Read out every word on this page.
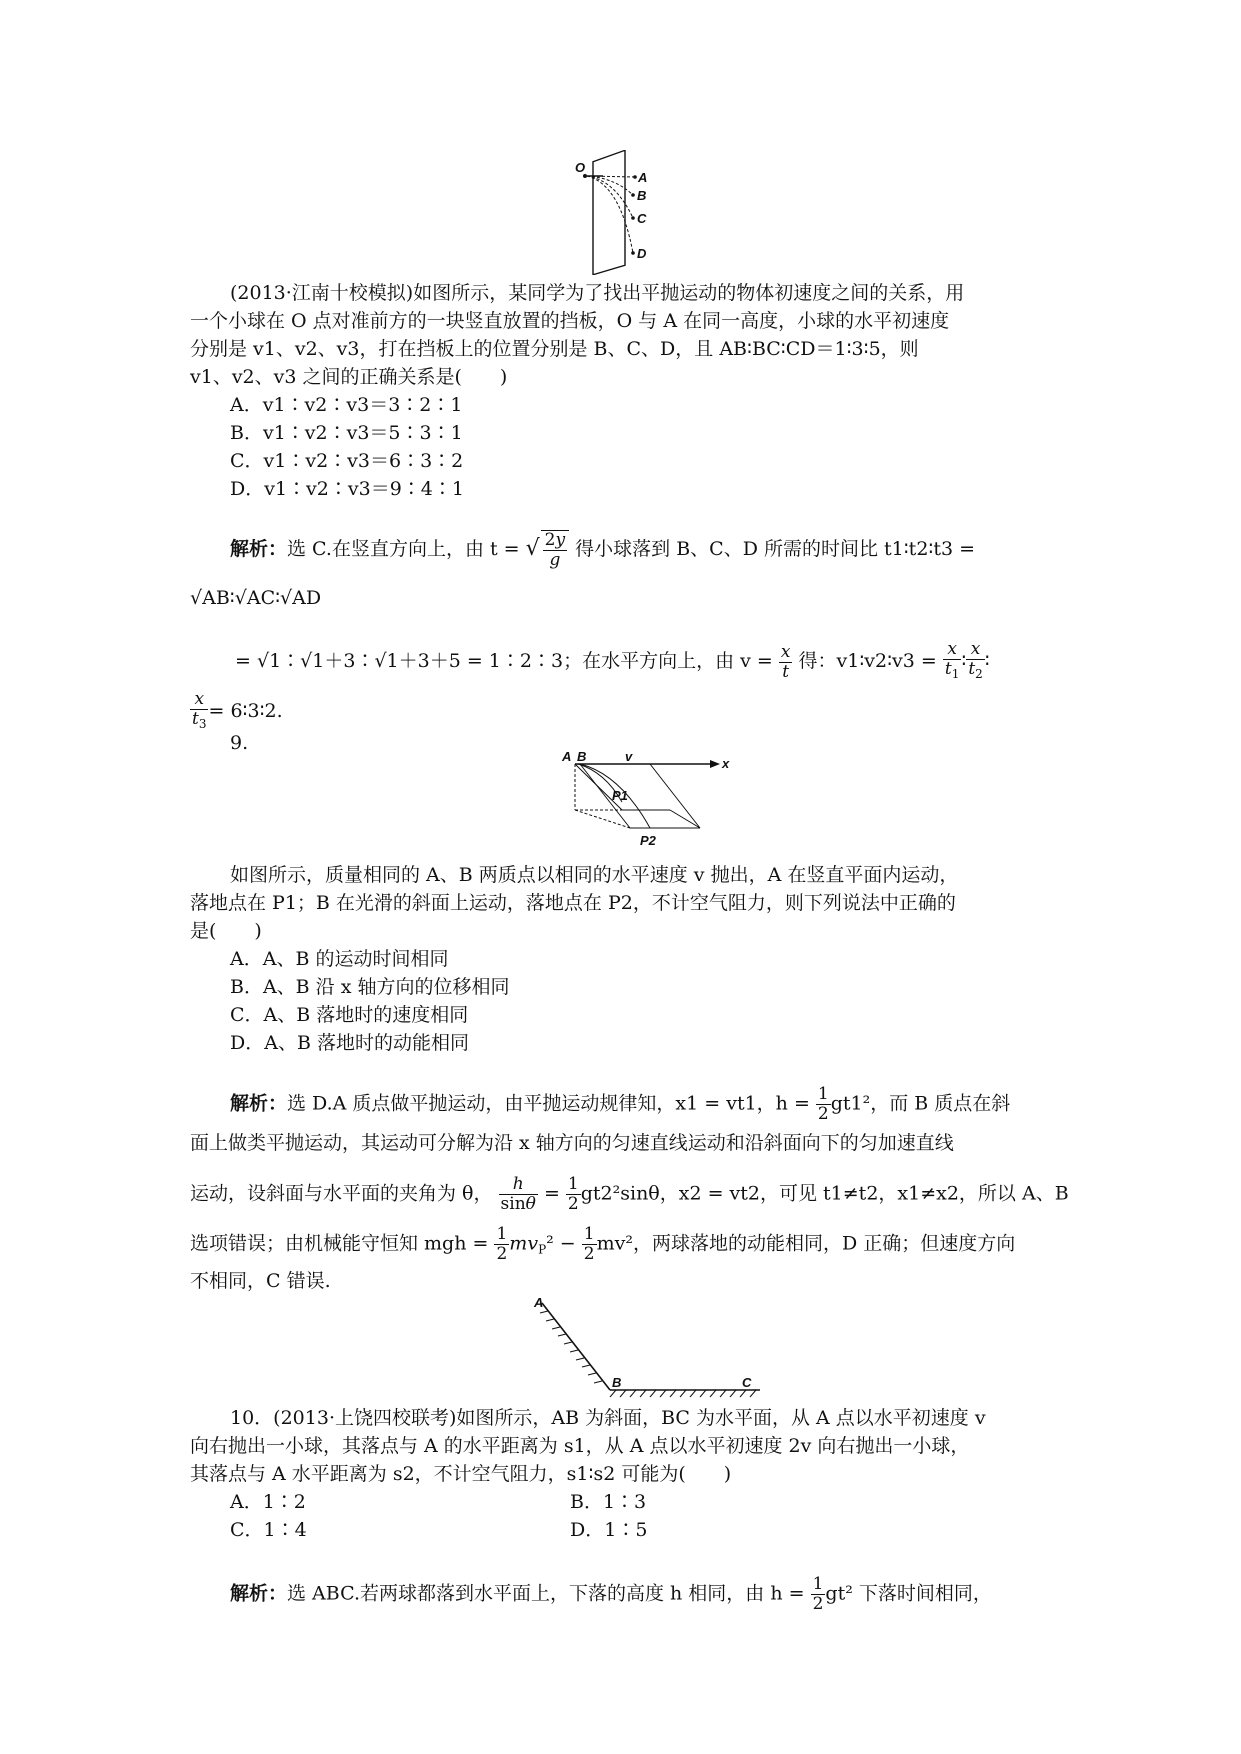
O
A
B
C
D
(2013·江南十校模拟)如图所示，某同学为了找出平抛运动的物体初速度之间的关系，用
一个小球在 O 点对准前方的一块竖直放置的挡板，O 与 A 在同一高度，小球的水平初速度
分别是 v1、v2、v3，打在挡板上的位置分别是 B、C、D，且 AB∶BC∶CD＝1∶3∶5，则
v1、v2、v3 之间的正确关系是(　　)
A．v1∶v2∶v3＝3∶2∶1
B．v1∶v2∶v3＝5∶3∶1
C．v1∶v2∶v3＝6∶3∶2
D．v1∶v2∶v3＝9∶4∶1
解析：选 C.在竖直方向上，由 t = √ $\frac{2y}{g}$ 得小球落到 B、C、D 所需的时间比 t1∶t2∶t3 =
√AB∶√AC∶√AD
= √1∶√1＋3∶√1＋3＋5 = 1∶2∶3；在水平方向上，由 $v = \frac{x}{t}$ 得：v1∶v2∶v3 = $\frac{x}{t_1}$ ∶ $\frac{x}{t_2}$ ∶
$\frac{x}{t_3}$ = 6∶3∶2.
9.
A B	v	x
P1
P2
如图所示，质量相同的 A、B 两质点以相同的水平速度 v 抛出，A 在竖直平面内运动，
落地点在 P1；B 在光滑的斜面上运动，落地点在 P2，不计空气阻力，则下列说法中正确的
是(　　)
A．A、B 的运动时间相同
B．A、B 沿 x 轴方向的位移相同
C．A、B 落地时的速度相同
D．A、B 落地时的动能相同
解析：选 D.A 质点做平抛运动，由平抛运动规律知，x1 = vt1，$h = \frac{1}{2} gt1^2$，而 B 质点在斜
面上做类平抛运动，其运动可分解为沿 x 轴方向的匀速直线运动和沿斜面向下的匀加速直线
运动，设斜面与水平面的夹角为 θ， $\frac{h}{\sin\theta} = \frac{1}{2} gt2^2\sin\theta$，x2 = vt2，可见 t1≠t2，x1≠x2，所以 A、B
选项错误；由机械能守恒知 mgh = $\frac{1}{2} mv_P^2 - \frac{1}{2} mv^2$，两球落地的动能相同，D 正确；但速度方向
不相同，C 错误.
A
B	C
10．(2013·上饶四校联考)如图所示，AB 为斜面，BC 为水平面，从 A 点以水平初速度 v
向右抛出一小球，其落点与 A 的水平距离为 s1，从 A 点以水平初速度 2v 向右抛出一小球，
其落点与 A 水平距离为 s2，不计空气阻力，s1∶s2 可能为(　　)
A．1∶2	B．1∶3
C．1∶4	D．1∶5
解析：选 ABC.若两球都落到水平面上，下落的高度 h 相同，由 $h = \frac{1}{2} gt^2$ 下落时间相同，
